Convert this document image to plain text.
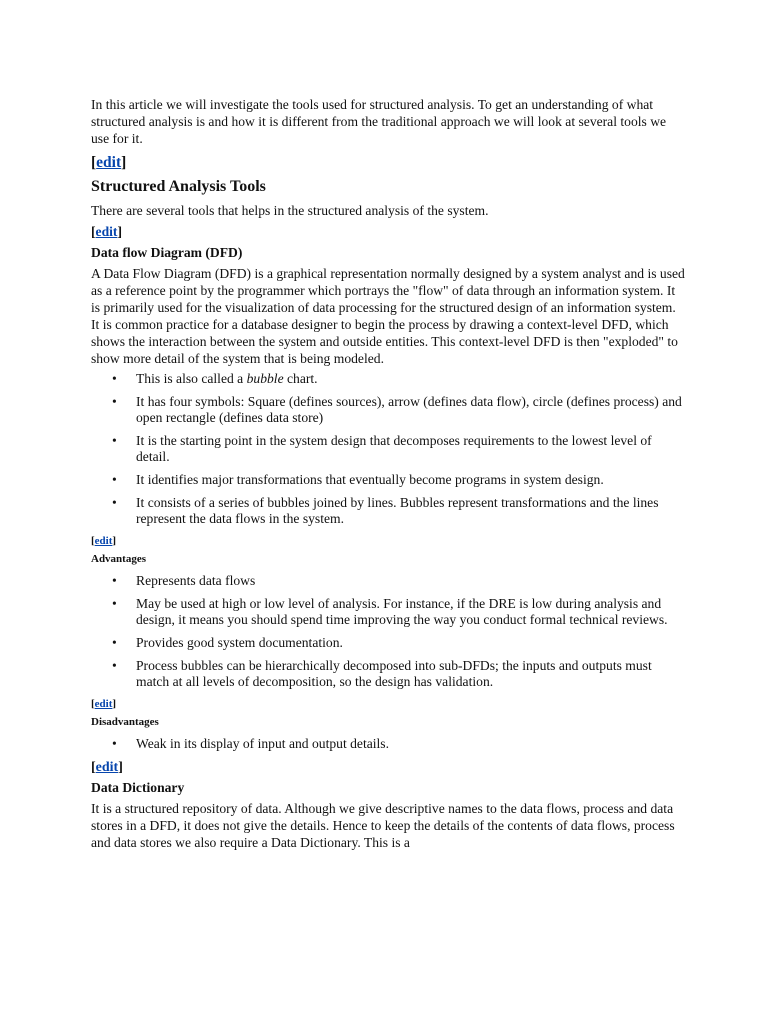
In this article we will investigate the tools used for structured analysis. To get an understanding of what structured analysis is and how it is different from the traditional approach we will look at several tools we use for it.

[edit]
Structured Analysis Tools

There are several tools that helps in the structured analysis of the system.

[edit]
Data flow Diagram (DFD)

A Data Flow Diagram (DFD) is a graphical representation normally designed by a system analyst and is used as a reference point by the programmer which portrays the "flow" of data through an information system. It is primarily used for the visualization of data processing for the structured design of an information system. It is common practice for a database designer to begin the process by drawing a context-level DFD, which shows the interaction between the system and outside entities. This context-level DFD is then "exploded" to show more detail of the system that is being modeled.

• This is also called a bubble chart.
• It has four symbols: Square (defines sources), arrow (defines data flow), circle (defines process) and open rectangle (defines data store)
• It is the starting point in the system design that decomposes requirements to the lowest level of detail.
• It identifies major transformations that eventually become programs in system design.
• It consists of a series of bubbles joined by lines. Bubbles represent transformations and the lines represent the data flows in the system.
[edit]
Advantages
• Represents data flows
• May be used at high or low level of analysis. For instance, if the DRE is low during analysis and design, it means you should spend time improving the way you conduct formal technical reviews.
• Provides good system documentation.
• Process bubbles can be hierarchically decomposed into sub-DFDs; the inputs and outputs must match at all levels of decomposition, so the design has validation.
[edit]
Disadvantages
• Weak in its display of input and output details.
[edit]
Data Dictionary

It is a structured repository of data. Although we give descriptive names to the data flows, process and data stores in a DFD, it does not give the details. Hence to keep the details of the contents of data flows, process and data stores we also require a Data Dictionary. This is a
